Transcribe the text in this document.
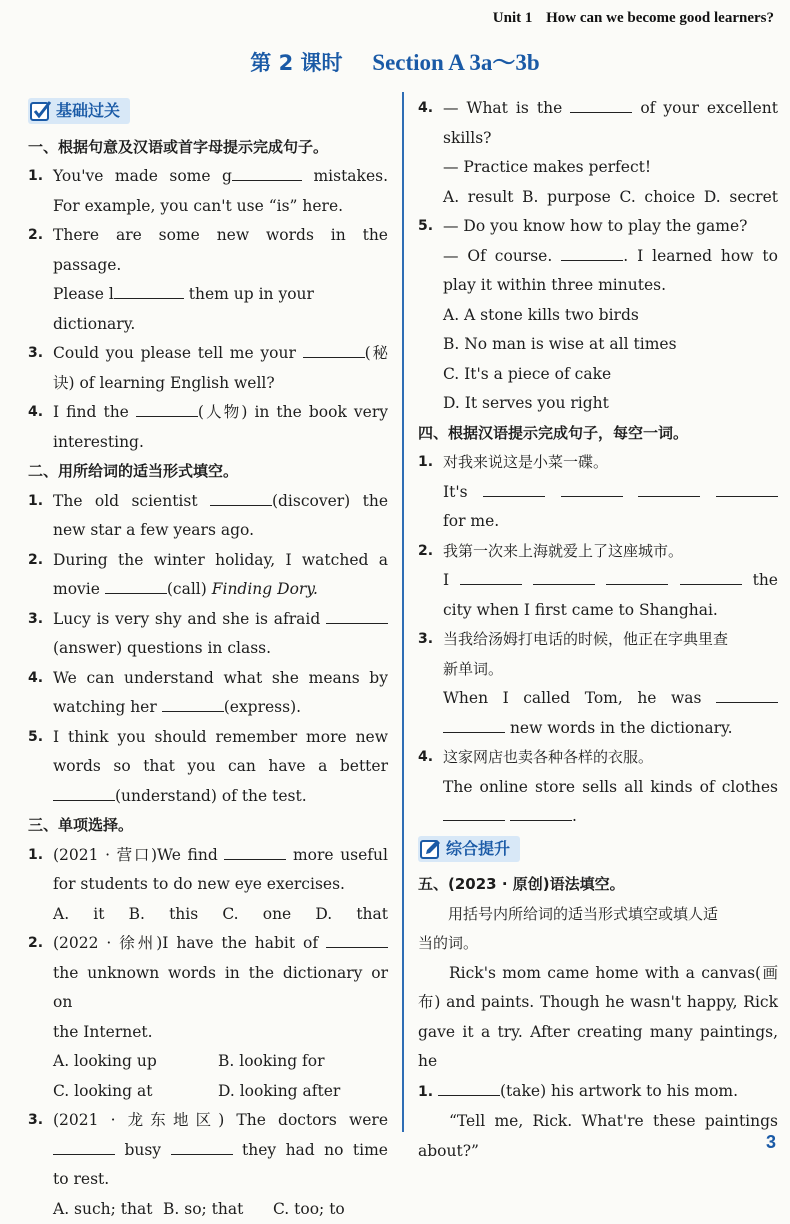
Unit 1 How can we become good learners?
第 2 课时 Section A 3a～3b
基础过关
一、根据句意及汉语或首字母提示完成句子。
1. You've made some g	mistakes.
For example, you can't use “is” here.
2. There are some new words in the passage.
Please l	them up in your dictionary.
3. Could you please tell me your	(秘
诀) of learning English well?
4. I find the	(人物) in the book very
interesting.
二、用所给词的适当形式填空。
1. The old scientist	(discover) the
new star a few years ago.
2. During the winter holiday, I watched a
movie	(call) Finding Dory.
3. Lucy is very shy and she is afraid
(answer) questions in class.
4. We can understand what she means by
watching her	(express).
5. I think you should remember more new
words so that you can have a better
(understand) of the test.
三、单项选择。
1. (2021 · 营口)We find	more useful
for students to do new eye exercises.
A. it B. this C. one D. that
2. (2022 · 徐州)I have the habit of
the unknown words in the dictionary or on
the Internet.
A. looking up	B. looking for
C. looking at	D. looking after
3. (2021 · 龙东地区) The doctors were
busy	they had no time
to rest.
A. such; that B. so; that C. too; to
4. — What is the	of your excellent
skills?
— Practice makes perfect!
A. result B. purpose C. choice D. secret
5. — Do you know how to play the game?
— Of course.	. I learned how to
play it within three minutes.
A. A stone kills two birds
B. No man is wise at all times
C. It's a piece of cake
D. It serves you right
四、根据汉语提示完成句子，每空一词。
1. 对我来说这是小菜一碟。
It's
for me.
2. 我第一次来上海就爱上了这座城市。
I	the
city when I first came to Shanghai.
3. 当我给汤姆打电话的时候，他正在字典里查
新单词。
When I called Tom, he was
new words in the dictionary.
4. 这家网店也卖各种各样的衣服。
The online store sells all kinds of clothes
.
综合提升
五、(2023 · 原创)语法填空。
用括号内所给词的适当形式填空或填人适
当的词。
Rick's mom came home with a canvas(画
布) and paints. Though he wasn't happy, Rick
gave it a try. After creating many paintings, he
1.	(take) his artwork to his mom.
“Tell me, Rick. What're these paintings
about?”	3
